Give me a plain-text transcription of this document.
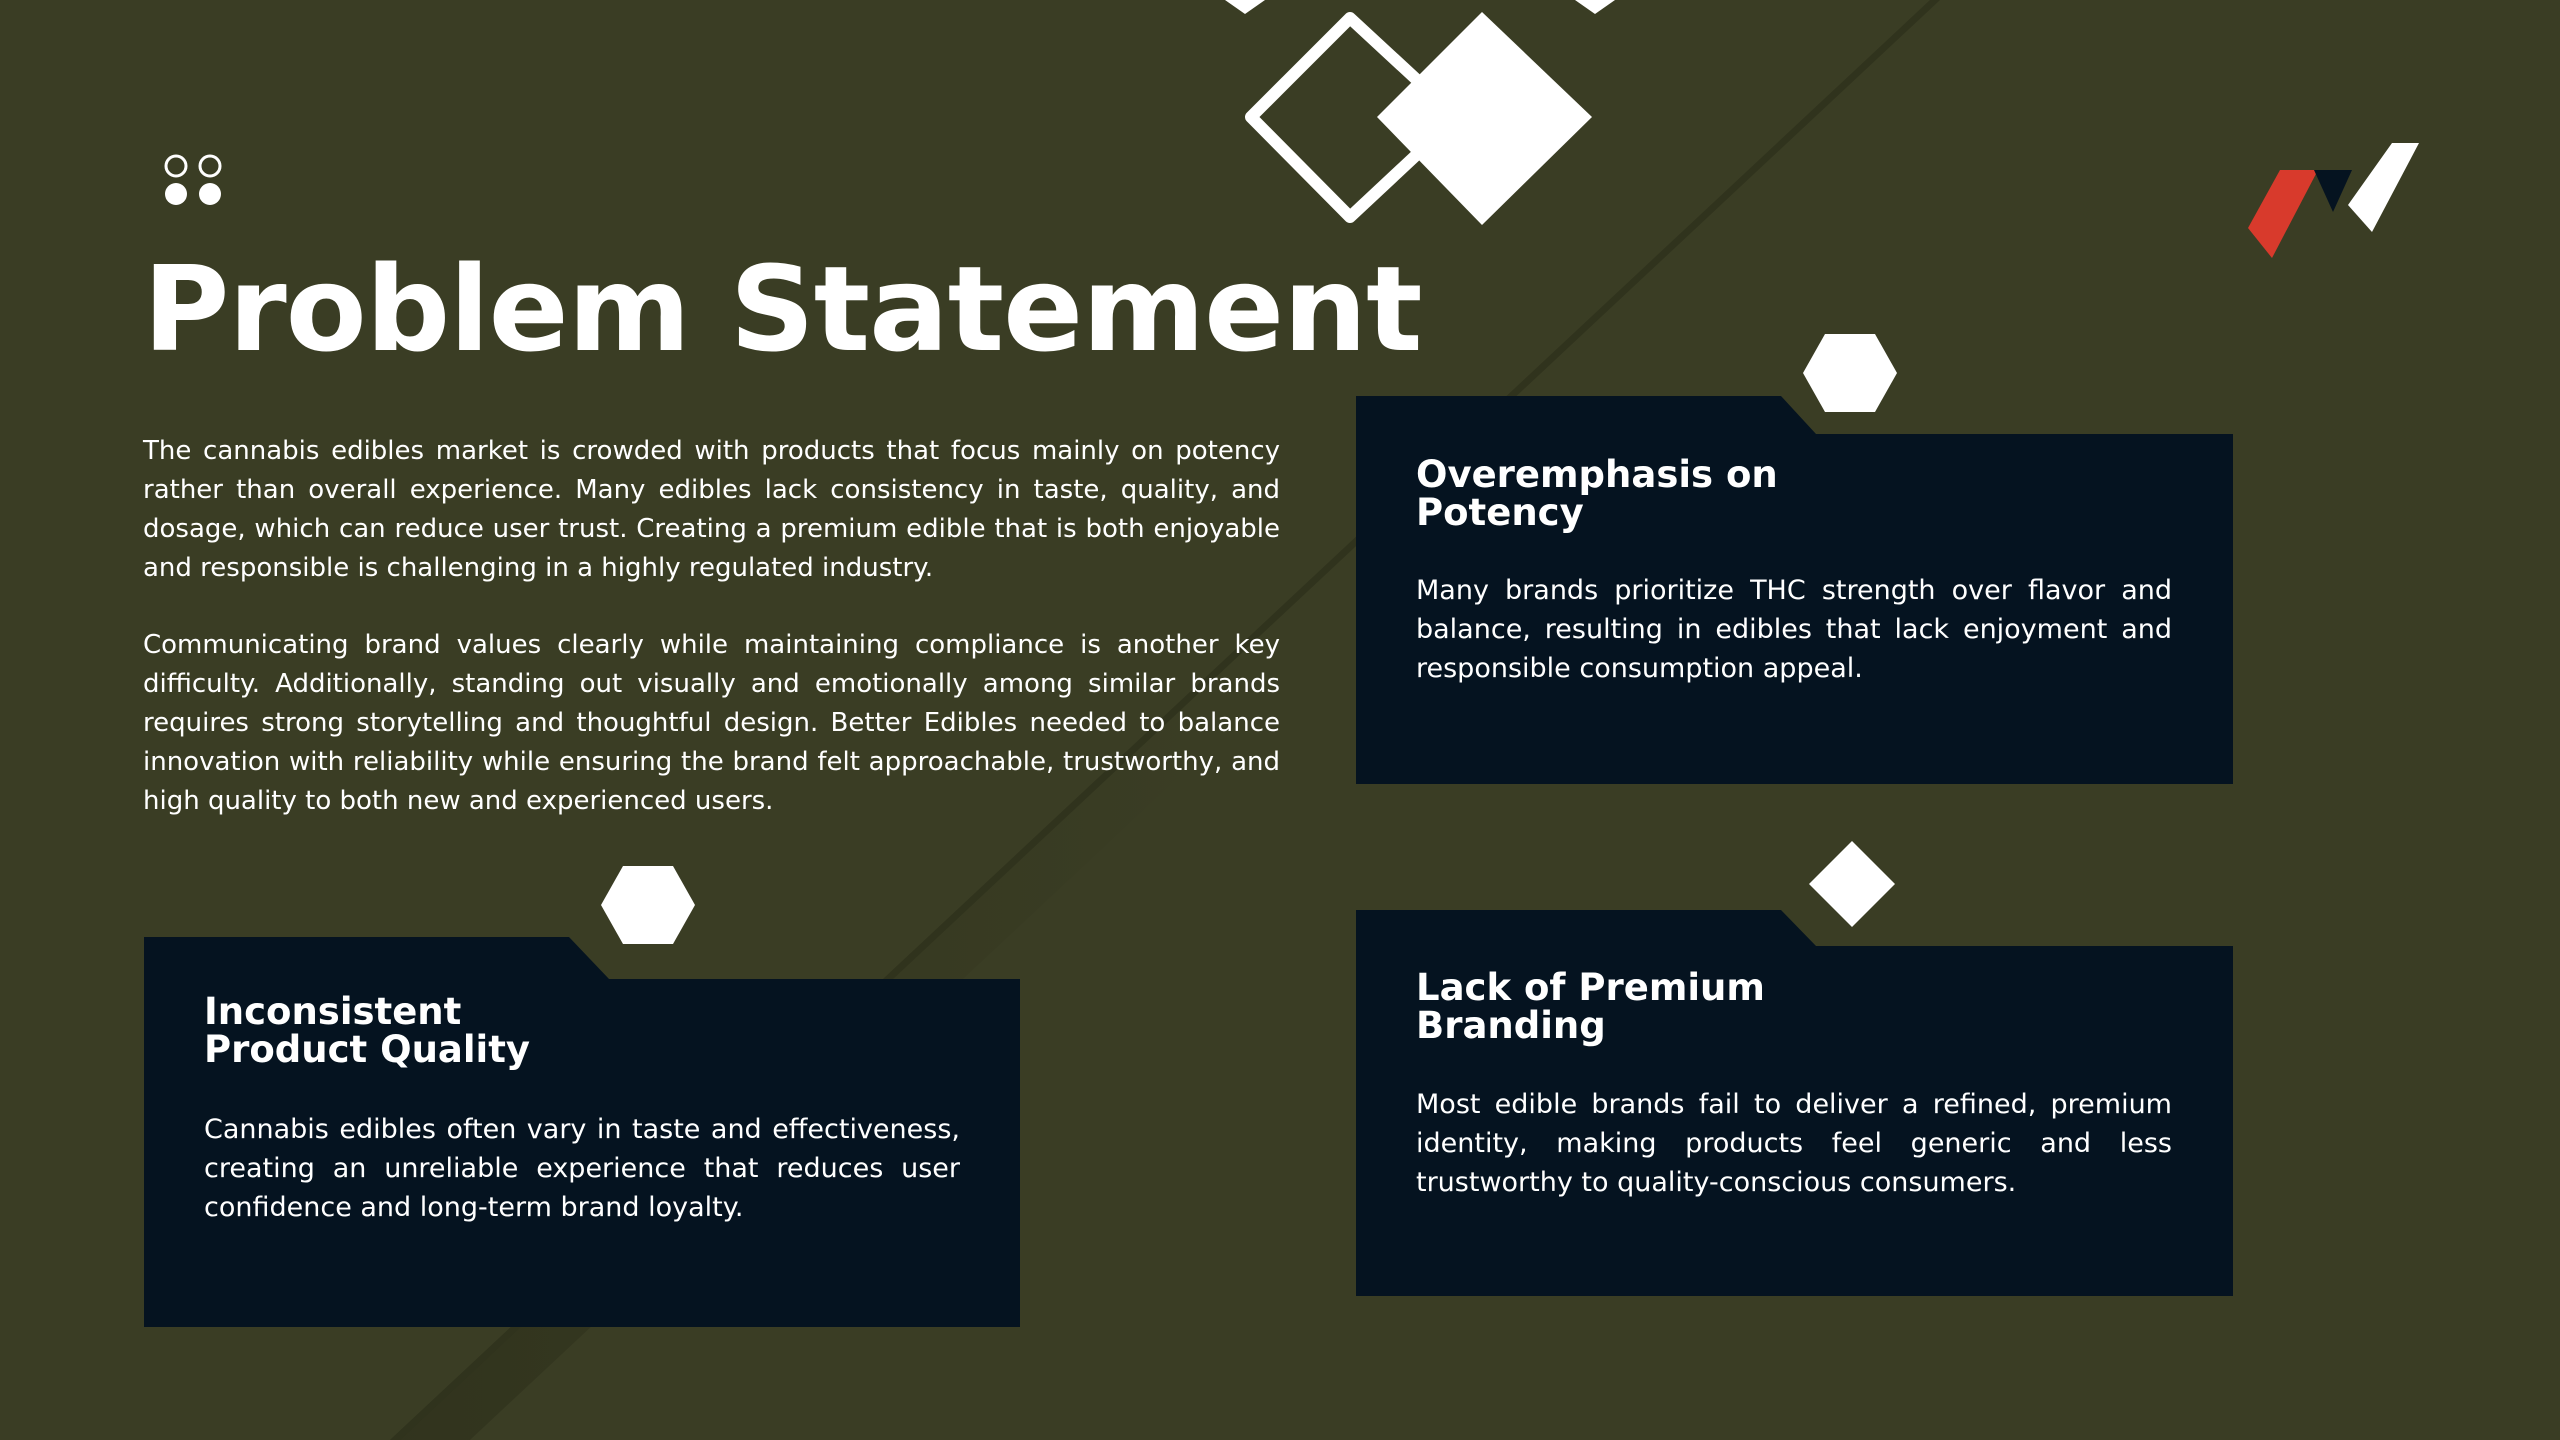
Problem Statement

The cannabis edibles market is crowded with products that focus mainly on potency rather than overall experience. Many edibles lack consistency in taste, quality, and dosage, which can reduce user trust. Creating a premium edible that is both enjoyable and responsible is challenging in a highly regulated industry.

Communicating brand values clearly while maintaining compliance is another key difficulty. Additionally, standing out visually and emotionally among similar brands requires strong storytelling and thoughtful design. Better Edibles needed to balance innovation with reliability while ensuring the brand felt approachable, trustworthy, and high quality to both new and experienced users.

Overemphasis on
Potency

Many brands prioritize THC strength over flavor and balance, resulting in edibles that lack enjoyment and responsible consumption appeal.

Inconsistent
Product Quality

Cannabis edibles often vary in taste and effectiveness, creating an unreliable experience that reduces user confidence and long-term brand loyalty.

Lack of Premium
Branding

Most edible brands fail to deliver a refined, premium identity, making products feel generic and less trustworthy to quality-conscious consumers.
